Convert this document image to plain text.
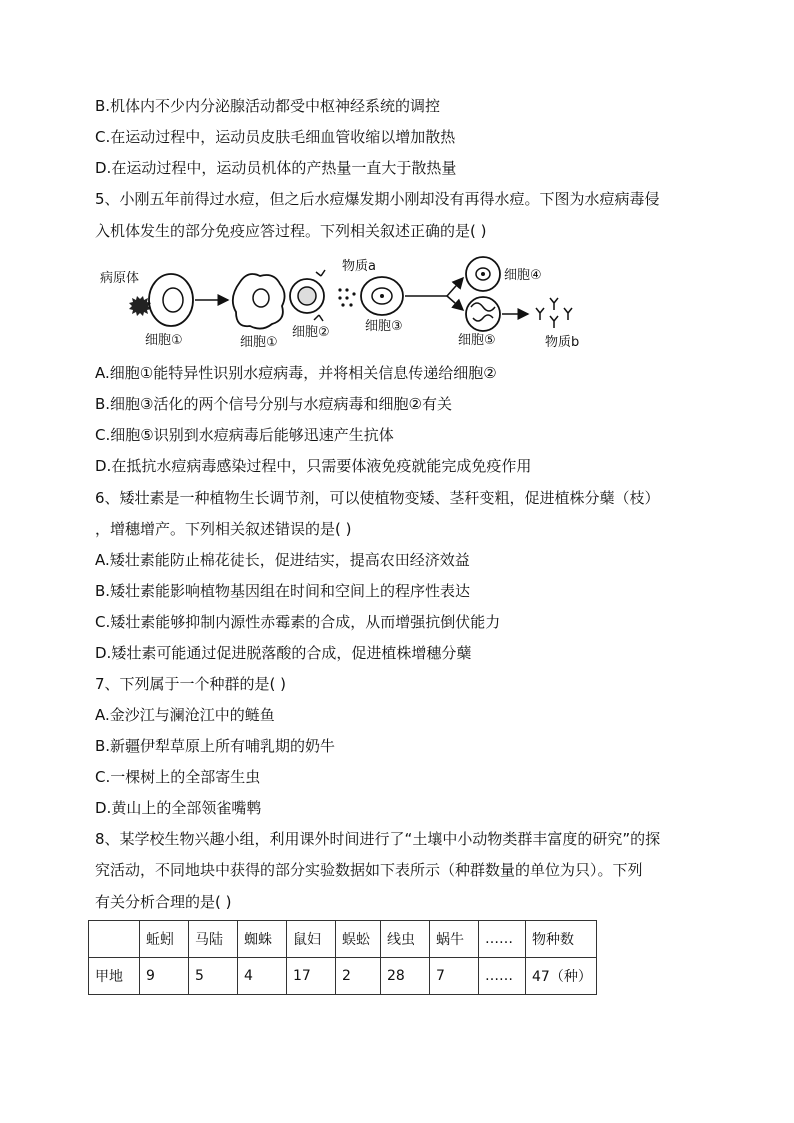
B.机体内不少内分泌腺活动都受中枢神经系统的调控
C.在运动过程中，运动员皮肤毛细血管收缩以增加散热
D.在运动过程中，运动员机体的产热量一直大于散热量
5、小刚五年前得过水痘，但之后水痘爆发期小刚却没有再得水痘。下图为水痘病毒侵
入机体发生的部分免疫应答过程。下列相关叙述正确的是( )
病原体
细胞①	细胞①
细胞②
物质a
细胞③
细胞④
细胞⑤	物质b
A.细胞①能特异性识别水痘病毒，并将相关信息传递给细胞②
B.细胞③活化的两个信号分别与水痘病毒和细胞②有关
C.细胞⑤识别到水痘病毒后能够迅速产生抗体
D.在抵抗水痘病毒感染过程中，只需要体液免疫就能完成免疫作用
6、矮壮素是一种植物生长调节剂，可以使植物变矮、茎秆变粗，促进植株分蘖（枝）
，增穗增产。下列相关叙述错误的是( )
A.矮壮素能防止棉花徒长，促进结实，提高农田经济效益
B.矮壮素能影响植物基因组在时间和空间上的程序性表达
C.矮壮素能够抑制内源性赤霉素的合成，从而增强抗倒伏能力
D.矮壮素可能通过促进脱落酸的合成，促进植株增穗分蘖
7、下列属于一个种群的是( )
A.金沙江与澜沧江中的鲢鱼
B.新疆伊犁草原上所有哺乳期的奶牛
C.一棵树上的全部寄生虫
D.黄山上的全部领雀嘴鹎
8、某学校生物兴趣小组，利用课外时间进行了“土壤中小动物类群丰富度的研究”的探
究活动，不同地块中获得的部分实验数据如下表所示（种群数量的单位为只）。下列
有关分析合理的是( )
	蚯蚓	马陆	蜘蛛	鼠妇	蜈蚣	线虫	蜗牛	……	物种数
甲地	9	5	4	17	2	28	7	……	47（种）
